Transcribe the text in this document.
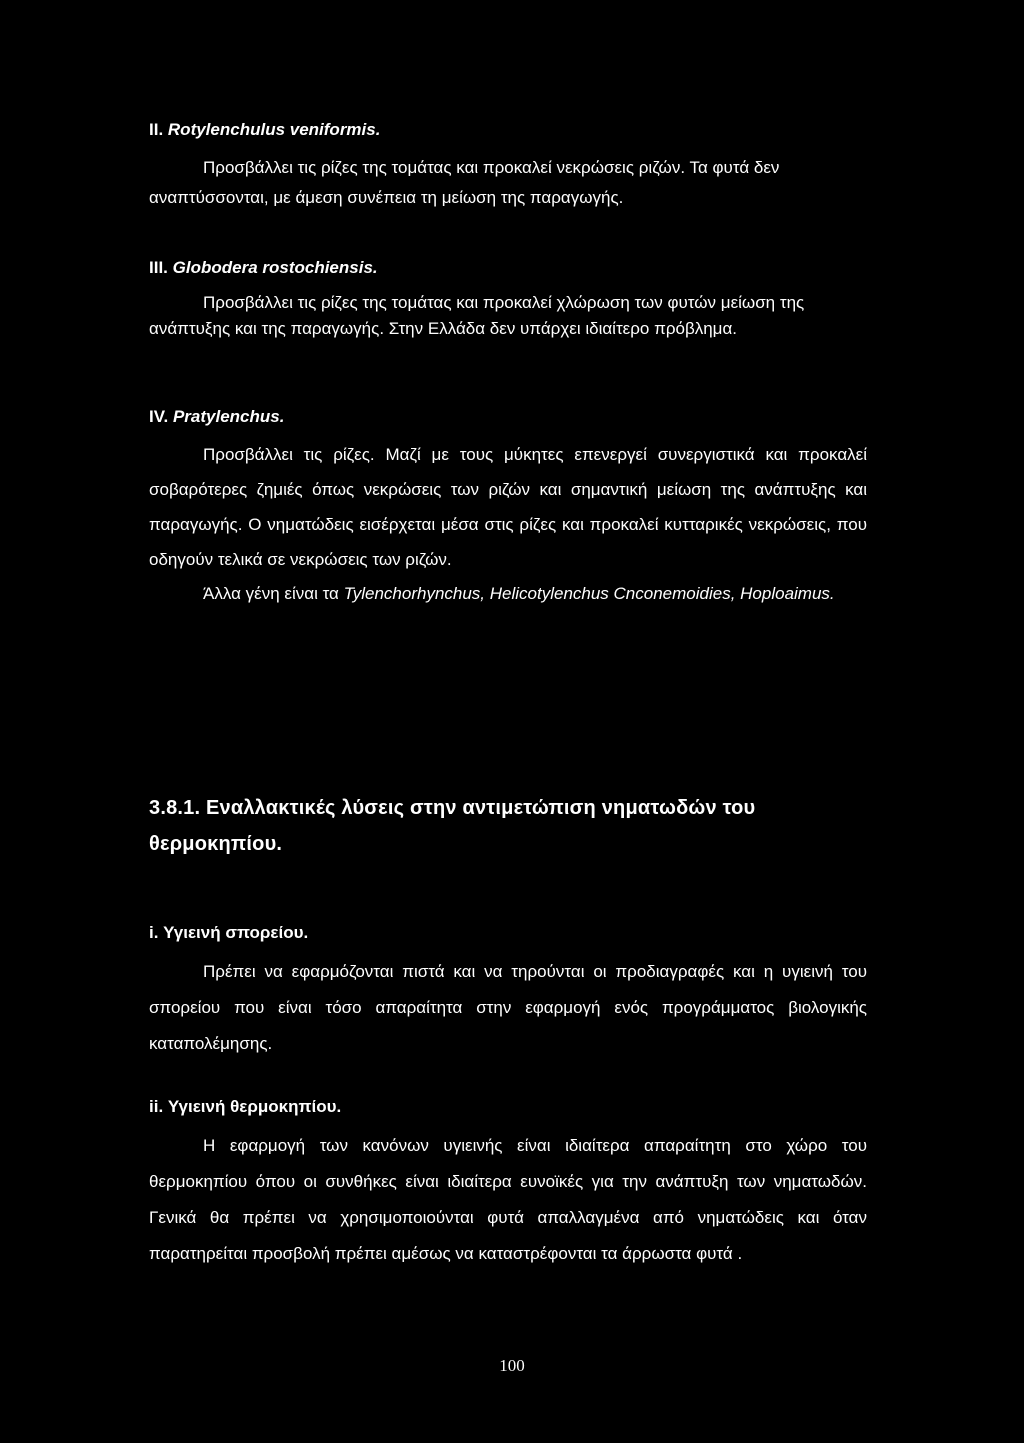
II. Rotylenchulus veniformis.

Προσβάλλει τις ρίζες της τομάτας και προκαλεί νεκρώσεις ριζών. Τα φυτά δεν αναπτύσσονται, με άμεση συνέπεια τη μείωση της παραγωγής.

III. Globodera rostochiensis.

Προσβάλλει τις ρίζες της τομάτας και προκαλεί χλώρωση των φυτών μείωση της ανάπτυξης και της παραγωγής. Στην Ελλάδα δεν υπάρχει ιδιαίτερο πρόβλημα.

IV. Pratylenchus.

Προσβάλλει τις ρίζες. Μαζί με τους μύκητες επενεργεί συνεργιστικά και προκαλεί σοβαρότερες ζημιές όπως νεκρώσεις των ριζών και σημαντική μείωση της ανάπτυξης και παραγωγής. Ο νηματώδεις εισέρχεται μέσα στις ρίζες και προκαλεί κυτταρικές νεκρώσεις, που οδηγούν τελικά σε νεκρώσεις των ριζών.

Άλλα γένη είναι τα Tylenchorhynchus, Helicotylenchus Cnconemoidies, Hoploaimus.

3.8.1. Εναλλακτικές λύσεις στην αντιμετώπιση νηματωδών του θερμοκηπίου.

i. Υγιεινή σπορείου.

Πρέπει να εφαρμόζονται πιστά και να τηρούνται οι προδιαγραφές και η υγιεινή του σπορείου που είναι τόσο απαραίτητα στην εφαρμογή ενός προγράμματος βιολογικής καταπολέμησης.

ii. Υγιεινή θερμοκηπίου.

Η εφαρμογή των κανόνων υγιεινής είναι ιδιαίτερα απαραίτητη στο χώρο του θερμοκηπίου όπου οι συνθήκες είναι ιδιαίτερα ευνοϊκές για την ανάπτυξη των νηματωδών. Γενικά θα πρέπει να χρησιμοποιούνται φυτά απαλλαγμένα από νηματώδεις και όταν παρατηρείται προσβολή πρέπει αμέσως να καταστρέφονται τα άρρωστα φυτά .

100
